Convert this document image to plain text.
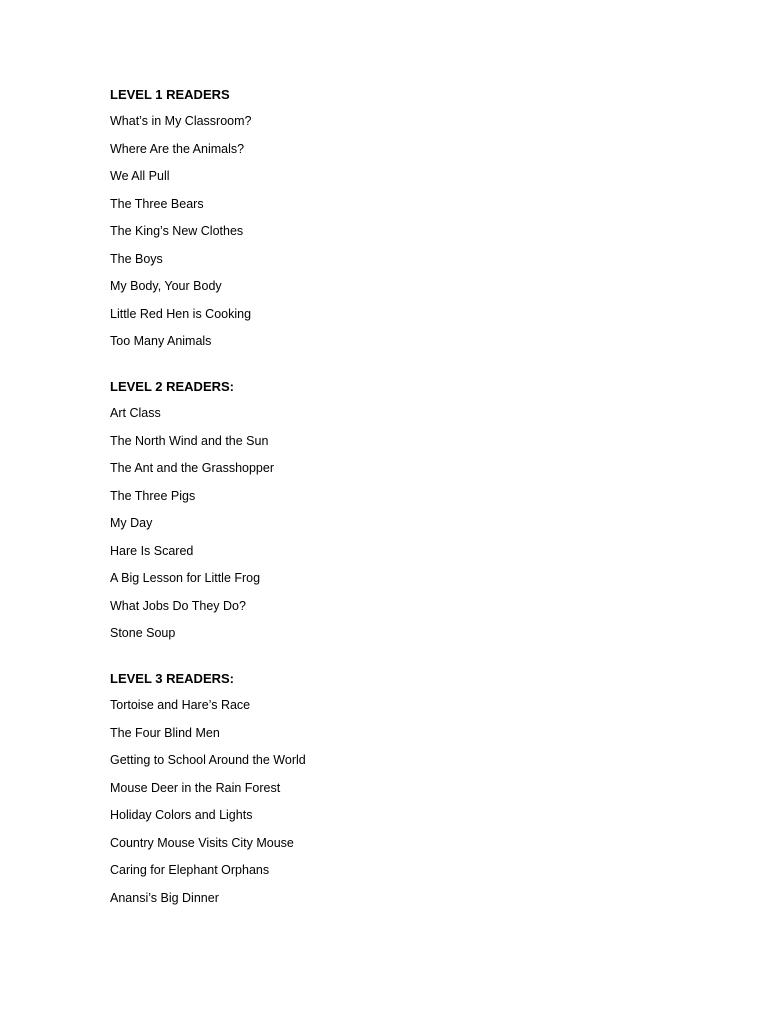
LEVEL 1 READERS
What’s in My Classroom?
Where Are the Animals?
We All Pull
The Three Bears
The King’s New Clothes
The Boys
My Body, Your Body
Little Red Hen is Cooking
Too Many Animals
LEVEL 2 READERS:
Art Class
The North Wind and the Sun
The Ant and the Grasshopper
The Three Pigs
My Day
Hare Is Scared
A Big Lesson for Little Frog
What Jobs Do They Do?
Stone Soup
LEVEL 3 READERS:
Tortoise and Hare’s Race
The Four Blind Men
Getting to School Around the World
Mouse Deer in the Rain Forest
Holiday Colors and Lights
Country Mouse Visits City Mouse
Caring for Elephant Orphans
Anansi’s Big Dinner
